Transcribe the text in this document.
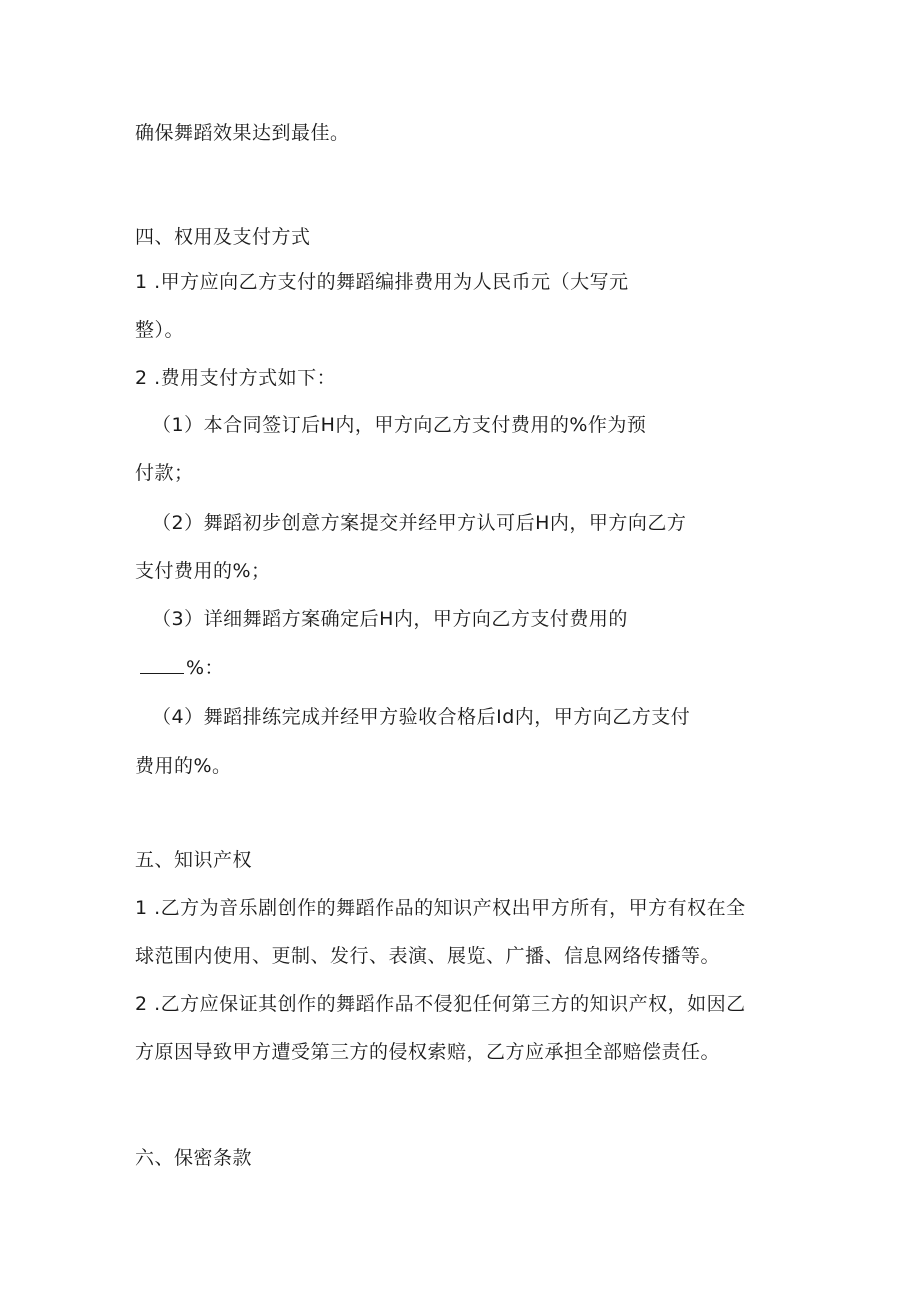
确保舞蹈效果达到最佳。
四、权用及支付方式
1 .甲方应向乙方支付的舞蹈编排费用为人民币元（大写元
整）。
2 .费用支付方式如下：
（1）本合同签订后H内，甲方向乙方支付费用的%作为预
付款；
（2）舞蹈初步创意方案提交并经甲方认可后H内，甲方向乙方
支付费用的%；
（3）详细舞蹈方案确定后H内，甲方向乙方支付费用的
%：
（4）舞蹈排练完成并经甲方验收合格后Id内，甲方向乙方支付
费用的%。
五、知识产权
1 .乙方为音乐剧创作的舞蹈作品的知识产权出甲方所有，甲方有权在全
球范围内使用、更制、发行、表演、展览、广播、信息网络传播等。
2 .乙方应保证其创作的舞蹈作品不侵犯任何第三方的知识产权，如因乙
方原因导致甲方遭受第三方的侵权索赔，乙方应承担全部赔偿责任。
六、保密条款
